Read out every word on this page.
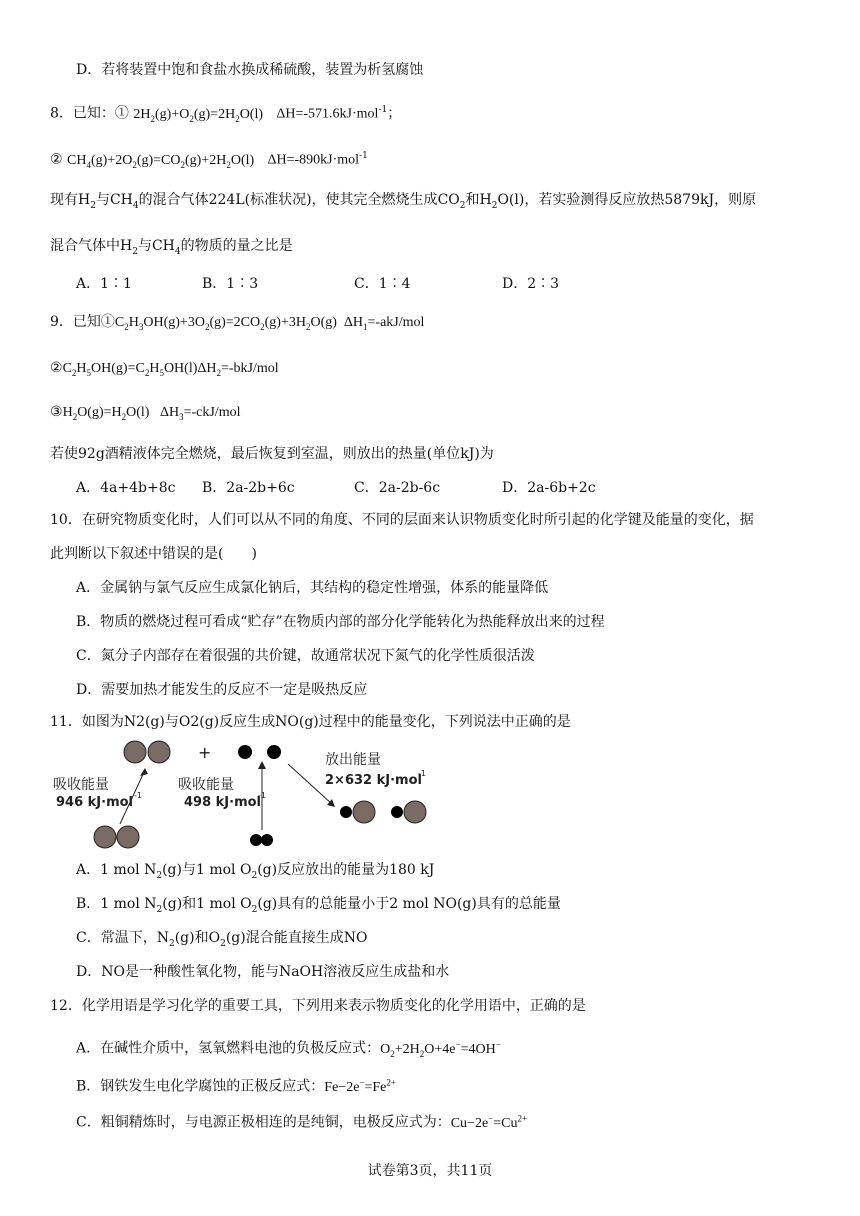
D．若将装置中饱和食盐水换成稀硫酸，装置为析氢腐蚀
8．已知：① $2H_2(g)+O_2(g)=2H_2O(l)$ ΔH=-571.6kJ·mol$^{-1}$；
② $CH_4(g)+2O_2(g)=CO_2(g)+2H_2O(l)$ ΔH=-890kJ·mol$^{-1}$
现有$H_2$与$CH_4$的混合气体224L(标准状况)，使其完全燃烧生成$CO_2$和$H_2O(l)$，若实验测得反应放热5879kJ，则原
混合气体中$H_2$与$CH_4$的物质的量之比是
A．1∶1	B．1∶3	C．1∶4	D．2∶3
9．已知$①C_2H_3OH(g)+3O_2(g)=2CO_2(g)+3H_2O(g)$  $\Delta H_1=-akJ$/mol
$②C_2H_5OH(g)=C_2H_5OH(l)\Delta H_2=-bkJ$/mol
$③H_2O(g)=H_2O(l)$   $\Delta H_3=-ckJ$/mol
若使92g酒精液体完全燃烧，最后恢复到室温，则放出的热量(单位kJ)为
A．4a+4b+8c B．2a-2b+6c	C．2a-2b-6c	D．2a-6b+2c
10．在研究物质变化时，人们可以从不同的角度、不同的层面来认识物质变化时所引起的化学键及能量的变化，据
此判断以下叙述中错误的是(　　)
A．金属钠与氯气反应生成氯化钠后，其结构的稳定性增强，体系的能量降低
B．物质的燃烧过程可看成“贮存”在物质内部的部分化学能转化为热能释放出来的过程
C．氮分子内部存在着很强的共价键，故通常状况下氮气的化学性质很活泼
D．需要加热才能发生的反应不一定是吸热反应
11．如图为N2(g)与O2(g)反应生成NO(g)过程中的能量变化，下列说法中正确的是
+
吸收能量
946 kJ·mol -1
吸收能量
498 kJ·mol
-1
放出能量
2×632 kJ·mol
-1
A．1 mol $N_2(g)$与1 mol $O_2(g)$反应放出的能量为180 kJ
B．1 mol $N_2(g)$和1 mol $O_2(g)$具有的总能量小于2 mol NO(g)具有的总能量
C．常温下，$N_2(g)$和$O_2(g)$混合能直接生成NO
D．NO是一种酸性氧化物，能与NaOH溶液反应生成盐和水
12．化学用语是学习化学的重要工具，下列用来表示物质变化的化学用语中，正确的是
A．在碱性介质中，氢氧燃料电池的负极反应式：$O_2+2H_2O+4e^-=4OH^-$
B．钢铁发生电化学腐蚀的正极反应式：$Fe-2e^-=Fe^{2+}$
C．粗铜精炼时，与电源正极相连的是纯铜，电极反应式为：$Cu-2e^-=Cu^{2+}$
试卷第3页，共11页
